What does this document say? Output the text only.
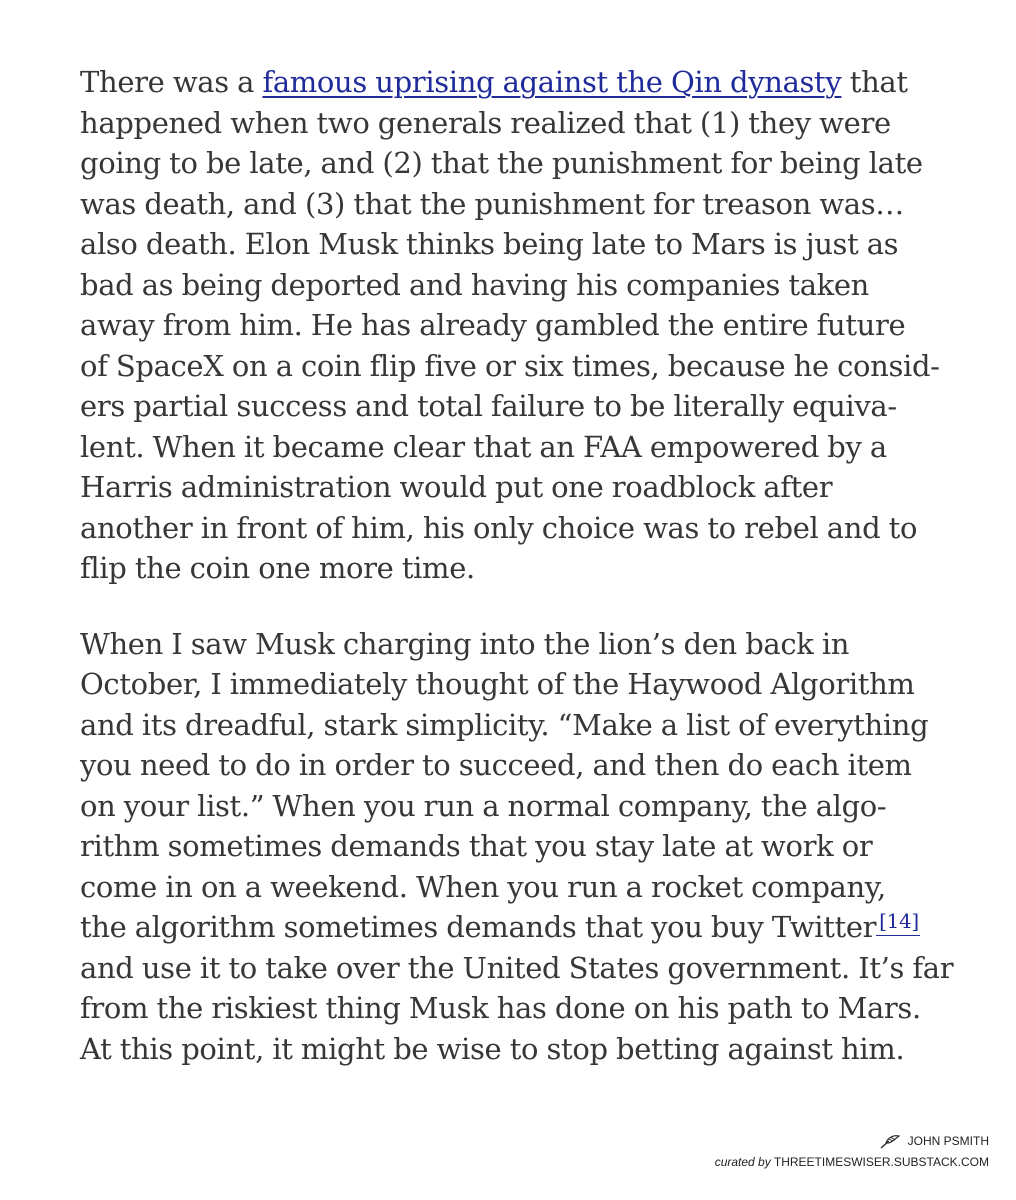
There was a famous uprising against the Qin dynasty that
happened when two generals realized that (1) they were
going to be late, and (2) that the punishment for being late
was death, and (3) that the punishment for treason was…
also death. Elon Musk thinks being late to Mars is just as
bad as being deported and having his companies taken
away from him. He has already gambled the entire future
of SpaceX on a coin flip five or six times, because he consid-
ers partial success and total failure to be literally equiva-
lent. When it became clear that an FAA empowered by a
Harris administration would put one roadblock after
another in front of him, his only choice was to rebel and to
flip the coin one more time.

When I saw Musk charging into the lion’s den back in
October, I immediately thought of the Haywood Algorithm
and its dreadful, stark simplicity. “Make a list of everything
you need to do in order to succeed, and then do each item
on your list.” When you run a normal company, the algo-
rithm sometimes demands that you stay late at work or
come in on a weekend. When you run a rocket company,
the algorithm sometimes demands that you buy Twitter [14]
and use it to take over the United States government. It’s far
from the riskiest thing Musk has done on his path to Mars.
At this point, it might be wise to stop betting against him.

JOHN PSMITH
curated by THREETIMESWISER.SUBSTACK.COM
